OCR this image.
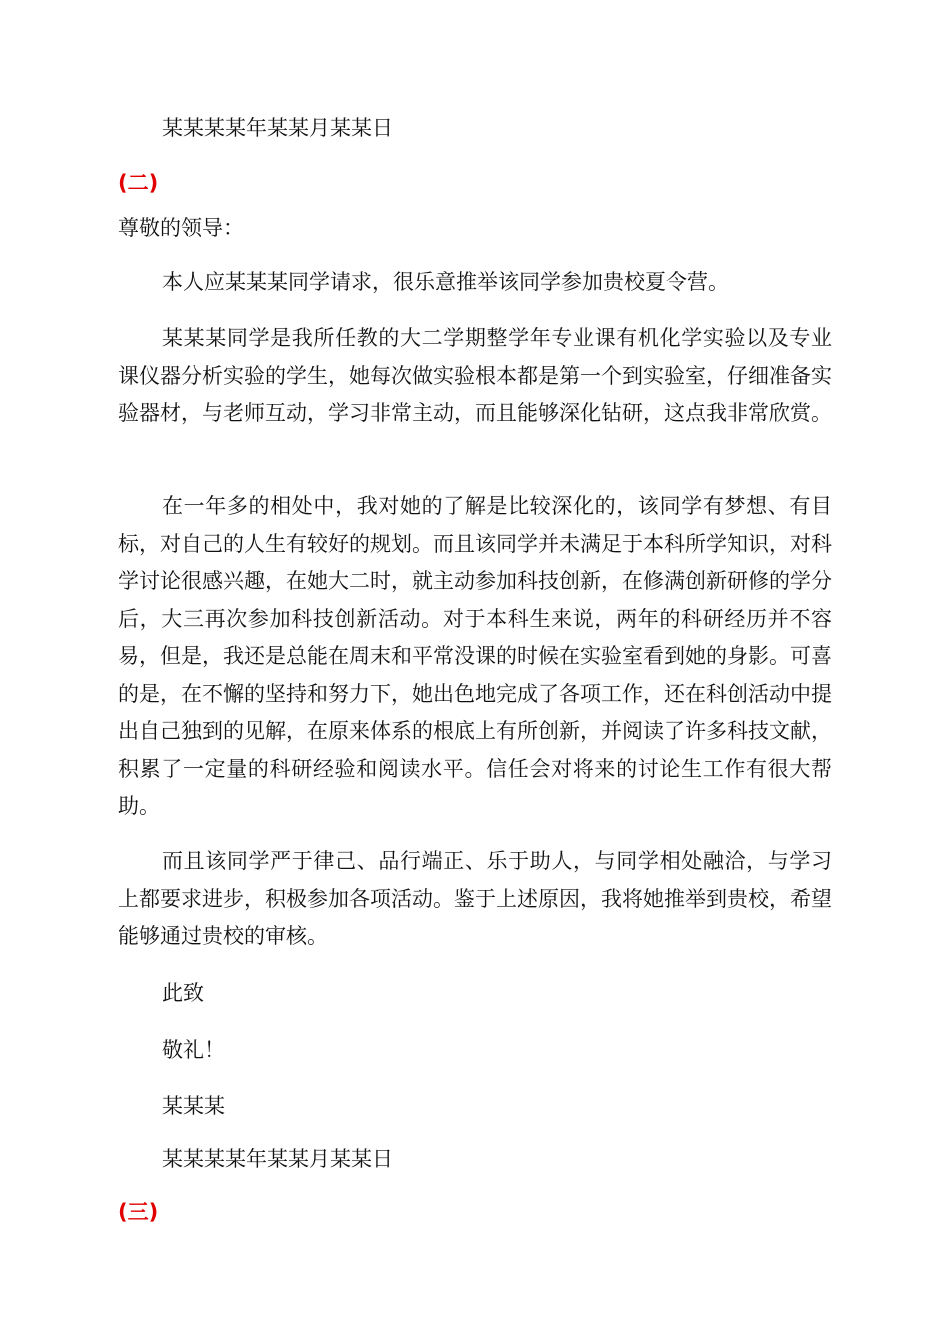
某某某某年某某月某某日
(二)
尊敬的领导：
本人应某某某同学请求，很乐意推举该同学参加贵校夏令营。
某某某同学是我所任教的大二学期整学年专业课有机化学实验以及专业课仪器分析实验的学生，她每次做实验根本都是第一个到实验室，仔细准备实验器材，与老师互动，学习非常主动，而且能够深化钻研，这点我非常欣赏。
在一年多的相处中，我对她的了解是比较深化的，该同学有梦想、有目标，对自己的人生有较好的规划。而且该同学并未满足于本科所学知识，对科学讨论很感兴趣，在她大二时，就主动参加科技创新，在修满创新研修的学分后，大三再次参加科技创新活动。对于本科生来说，两年的科研经历并不容易，但是，我还是总能在周末和平常没课的时候在实验室看到她的身影。可喜的是，在不懈的坚持和努力下，她出色地完成了各项工作，还在科创活动中提出自己独到的见解，在原来体系的根底上有所创新，并阅读了许多科技文献，积累了一定量的科研经验和阅读水平。信任会对将来的讨论生工作有很大帮助。
而且该同学严于律己、品行端正、乐于助人，与同学相处融洽，与学习上都要求进步，积极参加各项活动。鉴于上述原因，我将她推举到贵校，希望能够通过贵校的审核。
此致
敬礼！
某某某
某某某某年某某月某某日
(三)
